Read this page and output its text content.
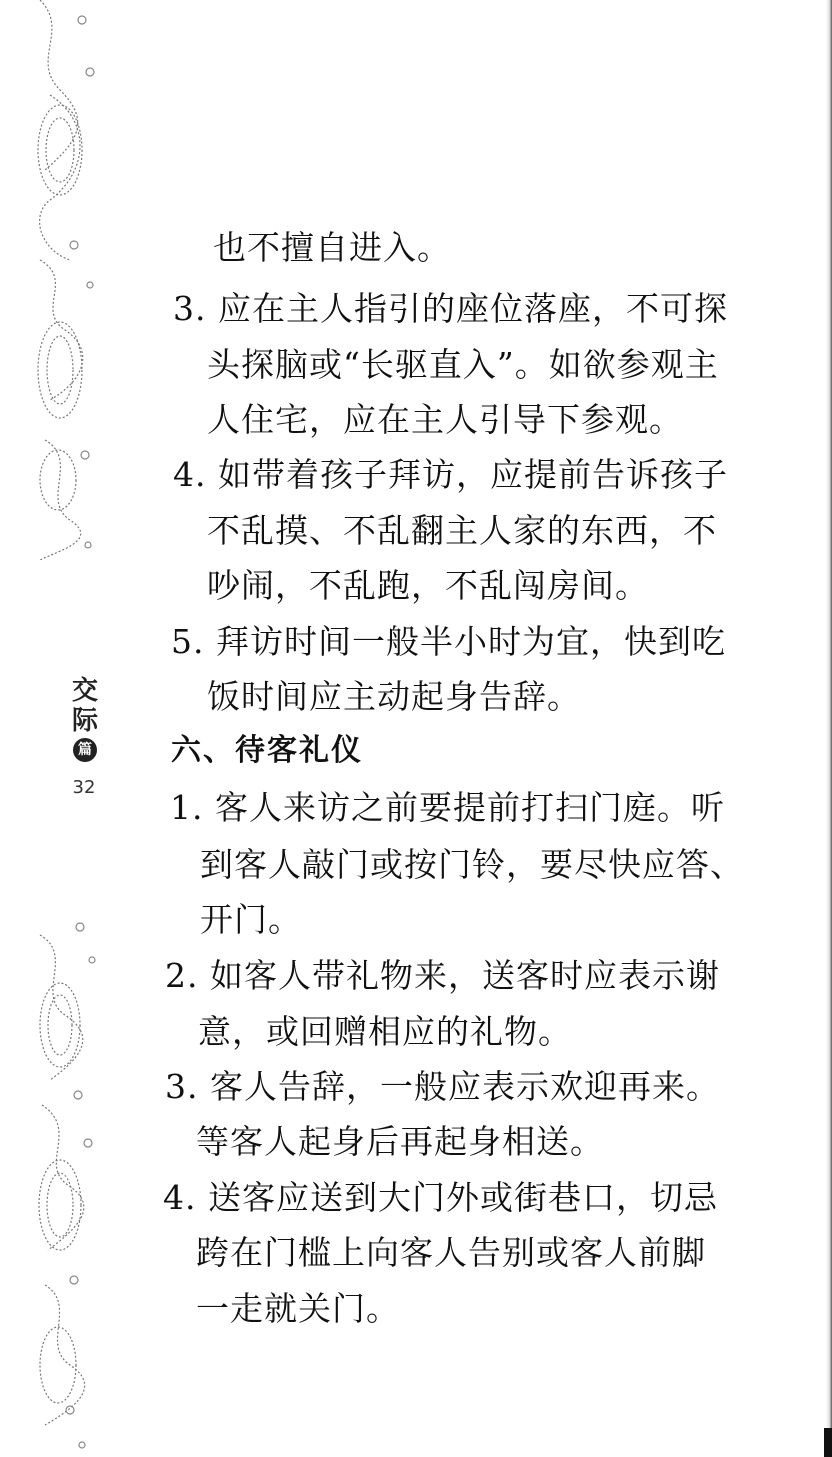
交
际
篇
32
也不擅自进入。
3. 应在主人指引的座位落座，不可探
头探脑或“长驱直入”。如欲参观主
人住宅，应在主人引导下参观。
4. 如带着孩子拜访，应提前告诉孩子
不乱摸、不乱翻主人家的东西，不
吵闹，不乱跑，不乱闯房间。
5. 拜访时间一般半小时为宜，快到吃
饭时间应主动起身告辞。
六、待客礼仪
1. 客人来访之前要提前打扫门庭。听
到客人敲门或按门铃，要尽快应答、
开门。
2. 如客人带礼物来，送客时应表示谢
意，或回赠相应的礼物。
3. 客人告辞，一般应表示欢迎再来。
等客人起身后再起身相送。
4. 送客应送到大门外或街巷口，切忌
跨在门槛上向客人告别或客人前脚
一走就关门。
